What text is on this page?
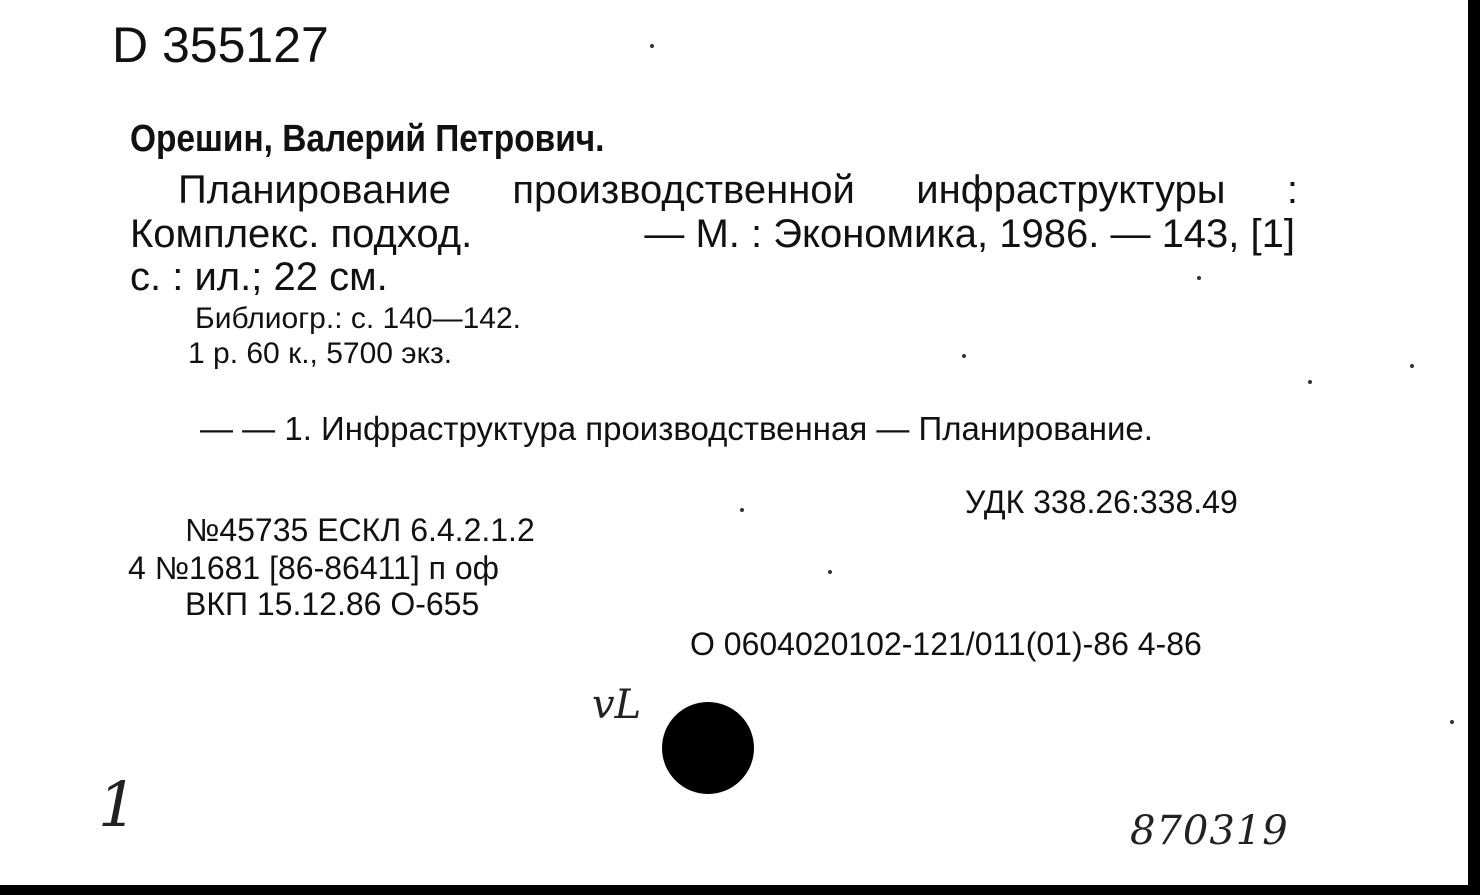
D 355127
Орешин, Валерий Петрович.
Планирование производственной инфраструктуры :
Комплекс. подход.	— М. : Экономика, 1986. — 143, [1]
с. : ил.; 22 см.
Библиогр.: с. 140—142.
1 р. 60 к., 5700 экз.
— — 1. Инфраструктура производственная — Планирование.
УДК 338.26:338.49
№45735 ЕСКЛ 6.4.2.1.2
4 №1681 [86-86411] п оф
ВКП 15.12.86 О-655
О 0604020102-121/011(01)-86 4-86
vL
1	870319
